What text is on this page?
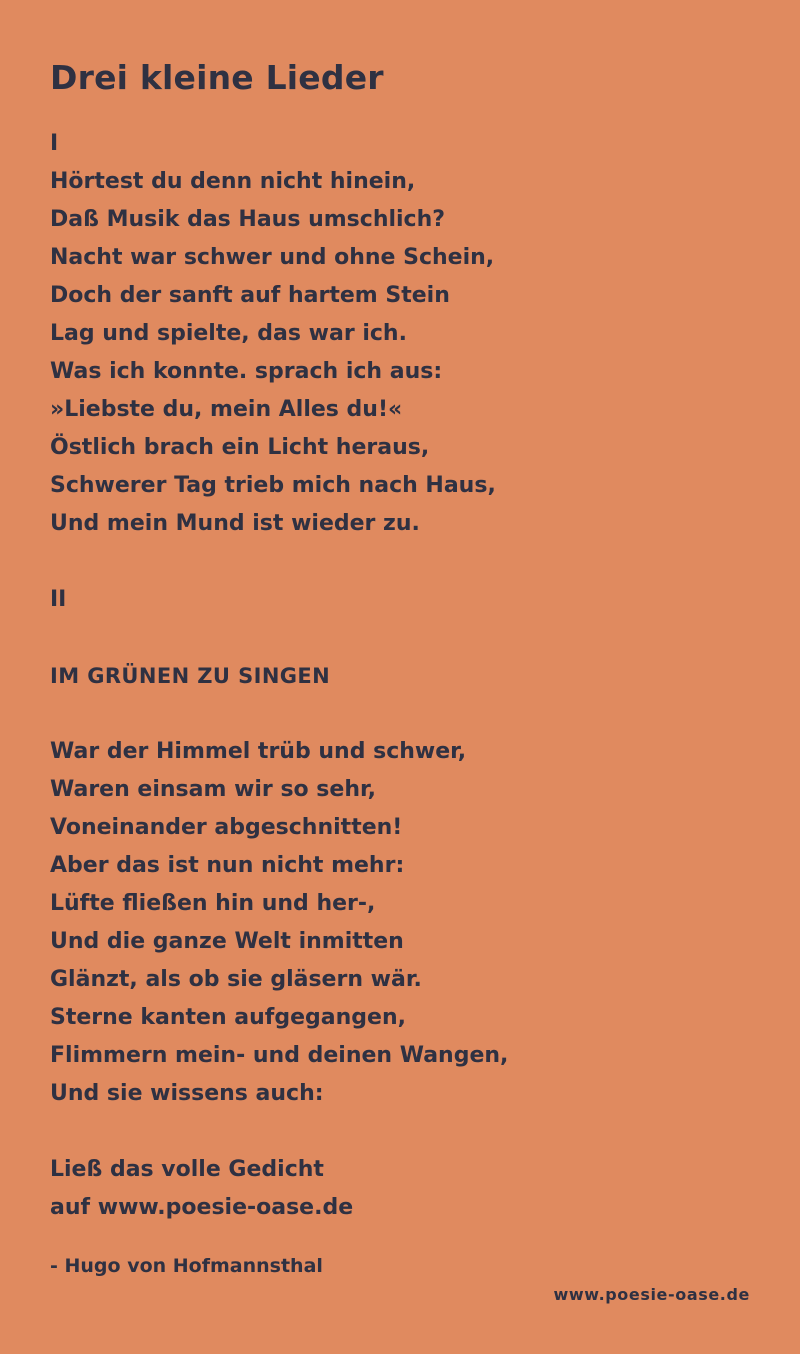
Drei kleine Lieder
I
Hörtest du denn nicht hinein,
Daß Musik das Haus umschlich?
Nacht war schwer und ohne Schein,
Doch der sanft auf hartem Stein
Lag und spielte, das war ich.
Was ich konnte. sprach ich aus:
»Liebste du, mein Alles du!«
Östlich brach ein Licht heraus,
Schwerer Tag trieb mich nach Haus,
Und mein Mund ist wieder zu.
II
IM GRÜNEN ZU SINGEN
War der Himmel trüb und schwer,
Waren einsam wir so sehr,
Voneinander abgeschnitten!
Aber das ist nun nicht mehr:
Lüfte fließen hin und her-,
Und die ganze Welt inmitten
Glänzt, als ob sie gläsern wär.
Sterne kanten aufgegangen,
Flimmern mein- und deinen Wangen,
Und sie wissens auch:
Ließ das volle Gedicht
auf www.poesie-oase.de
- Hugo von Hofmannsthal
www.poesie-oase.de
